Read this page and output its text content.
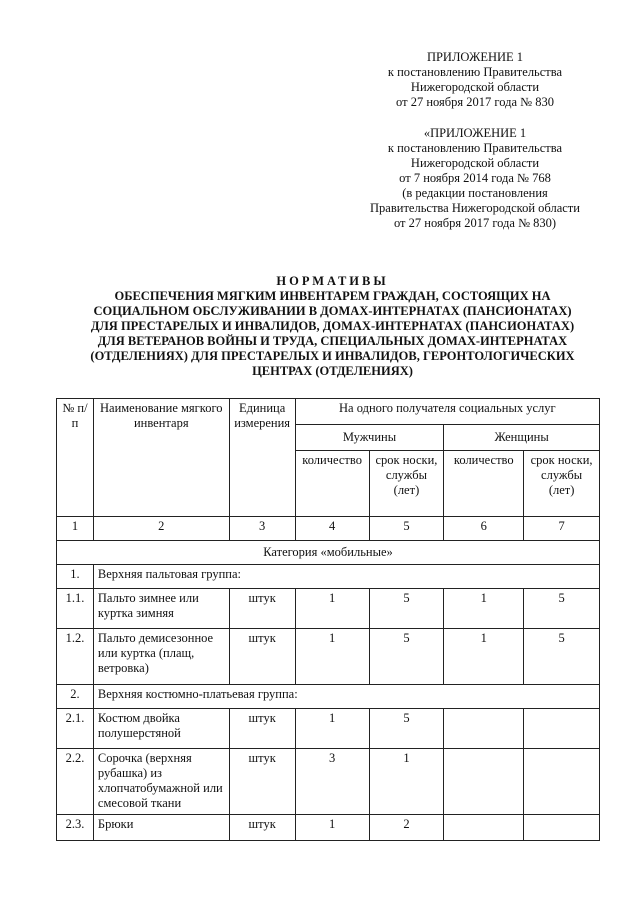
ПРИЛОЖЕНИЕ 1
к постановлению Правительства
Нижегородской области
от 27 ноября 2017 года № 830
«ПРИЛОЖЕНИЕ 1
к постановлению Правительства
Нижегородской области
от 7 ноября 2014 года № 768
(в редакции постановления
Правительства Нижегородской области
от 27 ноября 2017 года № 830)
НОРМАТИВЫ
ОБЕСПЕЧЕНИЯ МЯГКИМ ИНВЕНТАРЕМ ГРАЖДАН, СОСТОЯЩИХ НА
СОЦИАЛЬНОМ ОБСЛУЖИВАНИИ В ДОМАХ-ИНТЕРНАТАХ (ПАНСИОНАТАХ)
ДЛЯ ПРЕСТАРЕЛЫХ И ИНВАЛИДОВ, ДОМАХ-ИНТЕРНАТАХ (ПАНСИОНАТАХ)
ДЛЯ ВЕТЕРАНОВ ВОЙНЫ И ТРУДА, СПЕЦИАЛЬНЫХ ДОМАХ-ИНТЕРНАТАХ
(ОТДЕЛЕНИЯХ) ДЛЯ ПРЕСТАРЕЛЫХ И ИНВАЛИДОВ, ГЕРОНТОЛОГИЧЕСКИХ
ЦЕНТРАХ (ОТДЕЛЕНИЯХ)
№ п/п	Наименование мягкого инвентаря	Единица измерения	На одного получателя социальных услуг			
			Мужчины		Женщины	
			количество	срок носки, службы (лет)	количество	срок носки, службы (лет)
1	2	3	4	5	6	7
Категория «мобильные»						
1.	Верхняя пальтовая группа:					
1.1.	Пальто зимнее или куртка зимняя	штук	1	5	1	5
1.2.	Пальто демисезонное или куртка (плащ, ветровка)	штук	1	5	1	5
2.	Верхняя костюмно-платьевая группа:					
2.1.	Костюм двойка полушерстяной	штук	1	5		
2.2.	Сорочка (верхняя рубашка) из хлопчатобумажной или смесовой ткани	штук	3	1		
2.3.	Брюки	штук	1	2		
